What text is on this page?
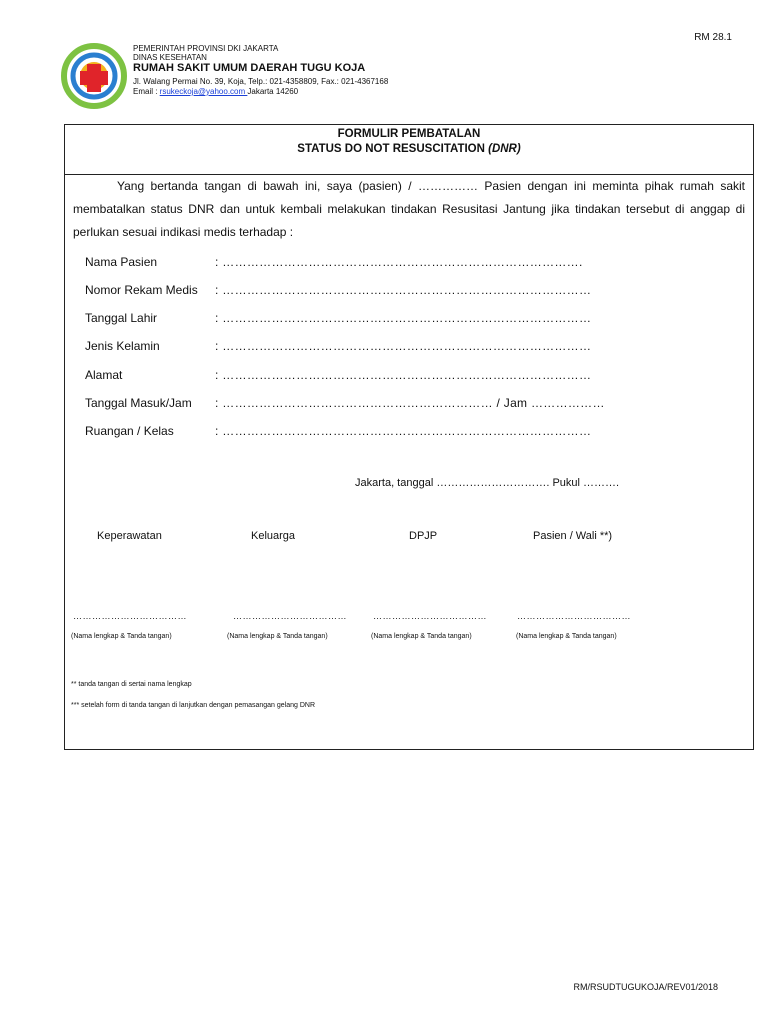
RM 28.1
PEMERINTAH PROVINSI DKI JAKARTA
DINAS KESEHATAN
RUMAH SAKIT UMUM DAERAH TUGU KOJA
Jl. Walang Permai No. 39, Koja, Telp.: 021-4358809, Fax.: 021-4367168
Email : rsukeckoja@yahoo.com Jakarta 14260
FORMULIR PEMBATALAN
STATUS DO NOT RESUSCITATION (DNR)
Yang bertanda tangan di bawah ini, saya (pasien) / …………… Pasien dengan ini meminta pihak rumah sakit membatalkan status DNR dan untuk kembali melakukan tindakan Resusitasi Jantung jika tindakan tersebut di anggap di perlukan sesuai indikasi medis terhadap :
Nama Pasien	: …………………………………………………………………………….
Nomor Rekam Medis : ………………………………………………………………………………
Tanggal Lahir	: ………………………………………………………………………………
Jenis Kelamin	: ………………………………………………………………………………
Alamat	: ………………………………………………………………………………
Tanggal Masuk/Jam : ………………………………………………………… / Jam ………………
Ruangan / Kelas	: ………………………………………………………………………………
Jakarta, tanggal …………………………. Pukul ……….
Keperawatan	Keluarga	DPJP	Pasien / Wali **)
………………………………	………………………………	………………………………	………………………………
(Nama lengkap & Tanda tangan)	(Nama lengkap & Tanda tangan)	(Nama lengkap & Tanda tangan)	(Nama lengkap & Tanda tangan)
** tanda tangan di sertai nama lengkap
*** setelah form di tanda tangan di lanjutkan dengan pemasangan gelang DNR
RM/RSUDTUGUKOJA/REV01/2018
